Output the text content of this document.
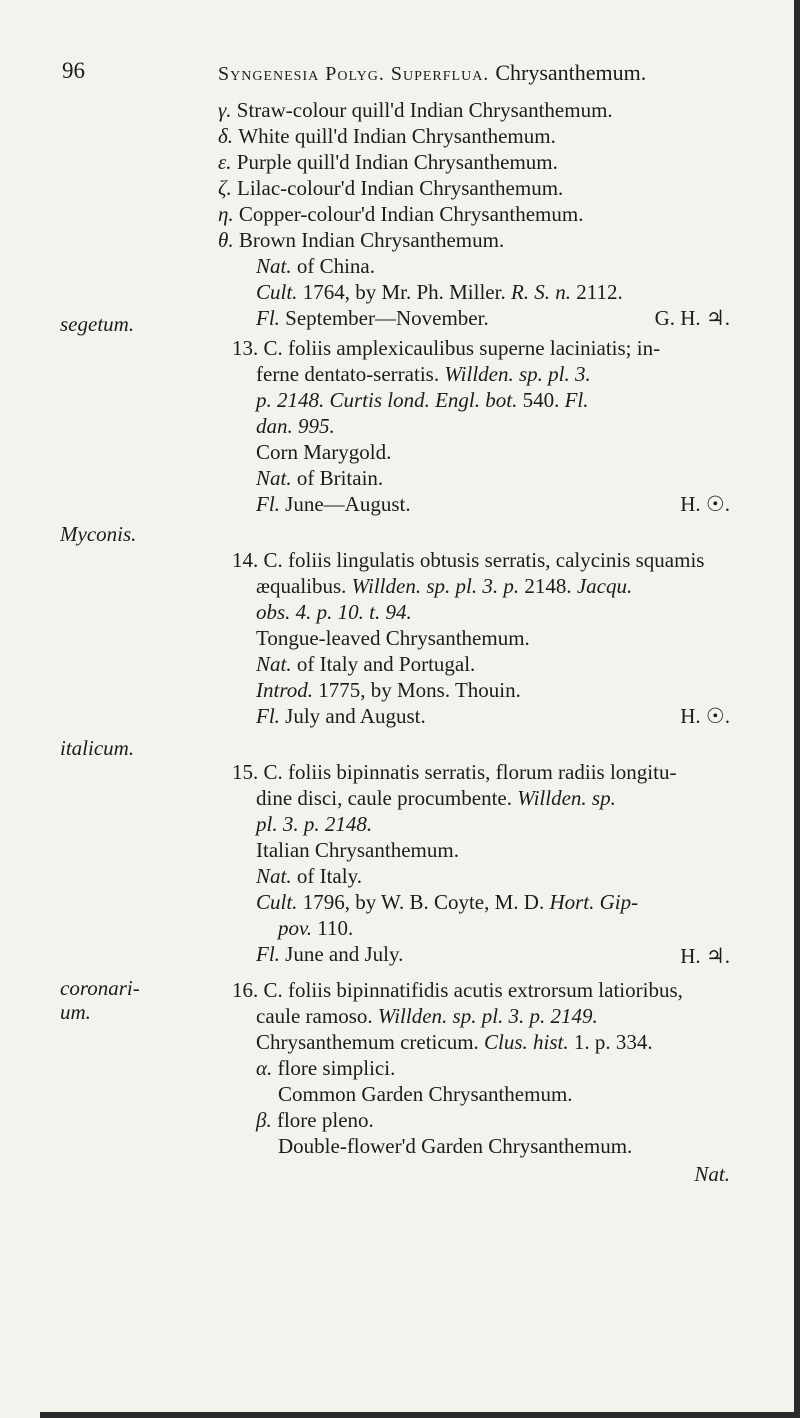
96	Syngenesia Polyg. Superflua. Chrysanthemum.
γ. Straw-colour quill'd Indian Chrysanthemum.
δ. White quill'd Indian Chrysanthemum.
ε. Purple quill'd Indian Chrysanthemum.
ζ. Lilac-colour'd Indian Chrysanthemum.
η. Copper-colour'd Indian Chrysanthemum.
θ. Brown Indian Chrysanthemum.
Nat. of China.
Cult. 1764, by Mr. Ph. Miller. R. S. n. 2112.
Fl. September—November.	G. H. ♃.
segetum.
13. C. foliis amplexicaulibus superne laciniatis; in-
ferne dentato-serratis. Willden. sp. pl. 3.
p. 2148. Curtis lond. Engl. bot. 540. Fl.
dan. 995.
Corn Marygold.
Nat. of Britain.
Fl. June—August.	H. ☉.
Myconis.
14. C. foliis lingulatis obtusis serratis, calycinis squamis
æqualibus. Willden. sp. pl. 3. p. 2148. Jacqu.
obs. 4. p. 10. t. 94.
Tongue-leaved Chrysanthemum.
Nat. of Italy and Portugal.
Introd. 1775, by Mons. Thouin.
Fl. July and August.	H. ☉.
italicum.
15. C. foliis bipinnatis serratis, florum radiis longitu-
dine disci, caule procumbente. Willden. sp.
pl. 3. p. 2148.
Italian Chrysanthemum.
Nat. of Italy.
Cult. 1796, by W. B. Coyte, M. D. Hort. Gip-
pov. 110.
Fl. June and July.	H. ♃.
coronari-
um.
16. C. foliis bipinnatifidis acutis extrorsum latioribus,
caule ramoso. Willden. sp. pl. 3. p. 2149.
Chrysanthemum creticum. Clus. hist. 1. p. 334.
α. flore simplici.
Common Garden Chrysanthemum.
β. flore pleno.
Double-flower'd Garden Chrysanthemum.
Nat.
